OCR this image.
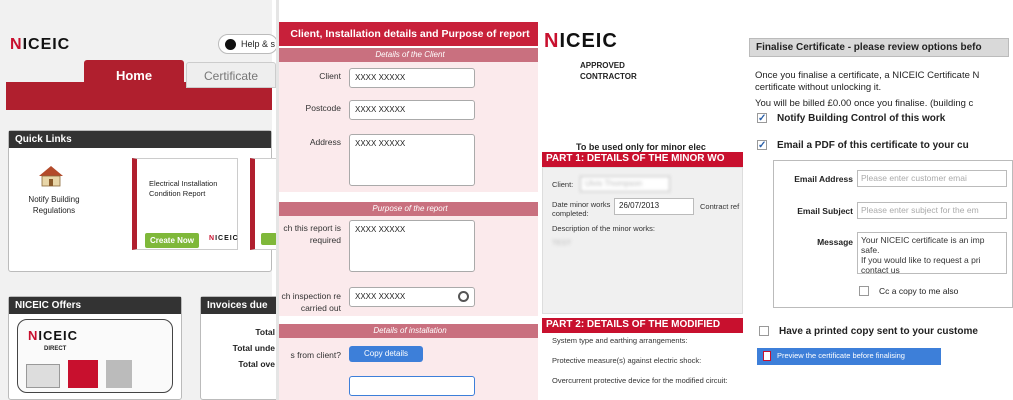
NICEIC	Help & s
Home	Certificate
Quick Links
Notify Building Regulations
Electrical Installation Condition Report
Create Now	NICEIC
NICEIC Offers
NICEIC
DIRECT
Invoices due
Total
Total unde
Total ove
Client, Installation details and Purpose of report
Details of the Client
Client	XXXX XXXXX
Postcode	XXXX XXXXX
Address	XXXX XXXXX
Purpose of the report
ch this report is required
XXXX XXXXX
ch inspection re carried out
XXXX XXXXX
Details of installation
s from client?	Copy details
NICEIC
APPROVED CONTRACTOR
To be used only for minor elec
PART 1: DETAILS OF THE MINOR WO
Client:	Ulvis Thompson
Date minor works completed:
26/07/2013	Contract ref
Description of the minor works:
TEST
PART 2: DETAILS OF THE MODIFIED
System type and earthing arrangements:
Protective measure(s) against electric shock:
Overcurrent protective device for the modified circuit:
Finalise Certificate - please review options befo
Once you finalise a certificate, a NICEIC Certificate N
certificate without unlocking it.
You will be billed £0.00 once you finalise. (building c
✓ Notify Building Control of this work
✓ Email a PDF of this certificate to your cu
Email Address Please enter customer emai
Email Subject Please enter subject for the em
Message Your NICEIC certificate is an imp
safe.
If you would like to request a pri
contact us
Cc a copy to me also
Have a printed copy sent to your custome
Preview the certificate before finalising
